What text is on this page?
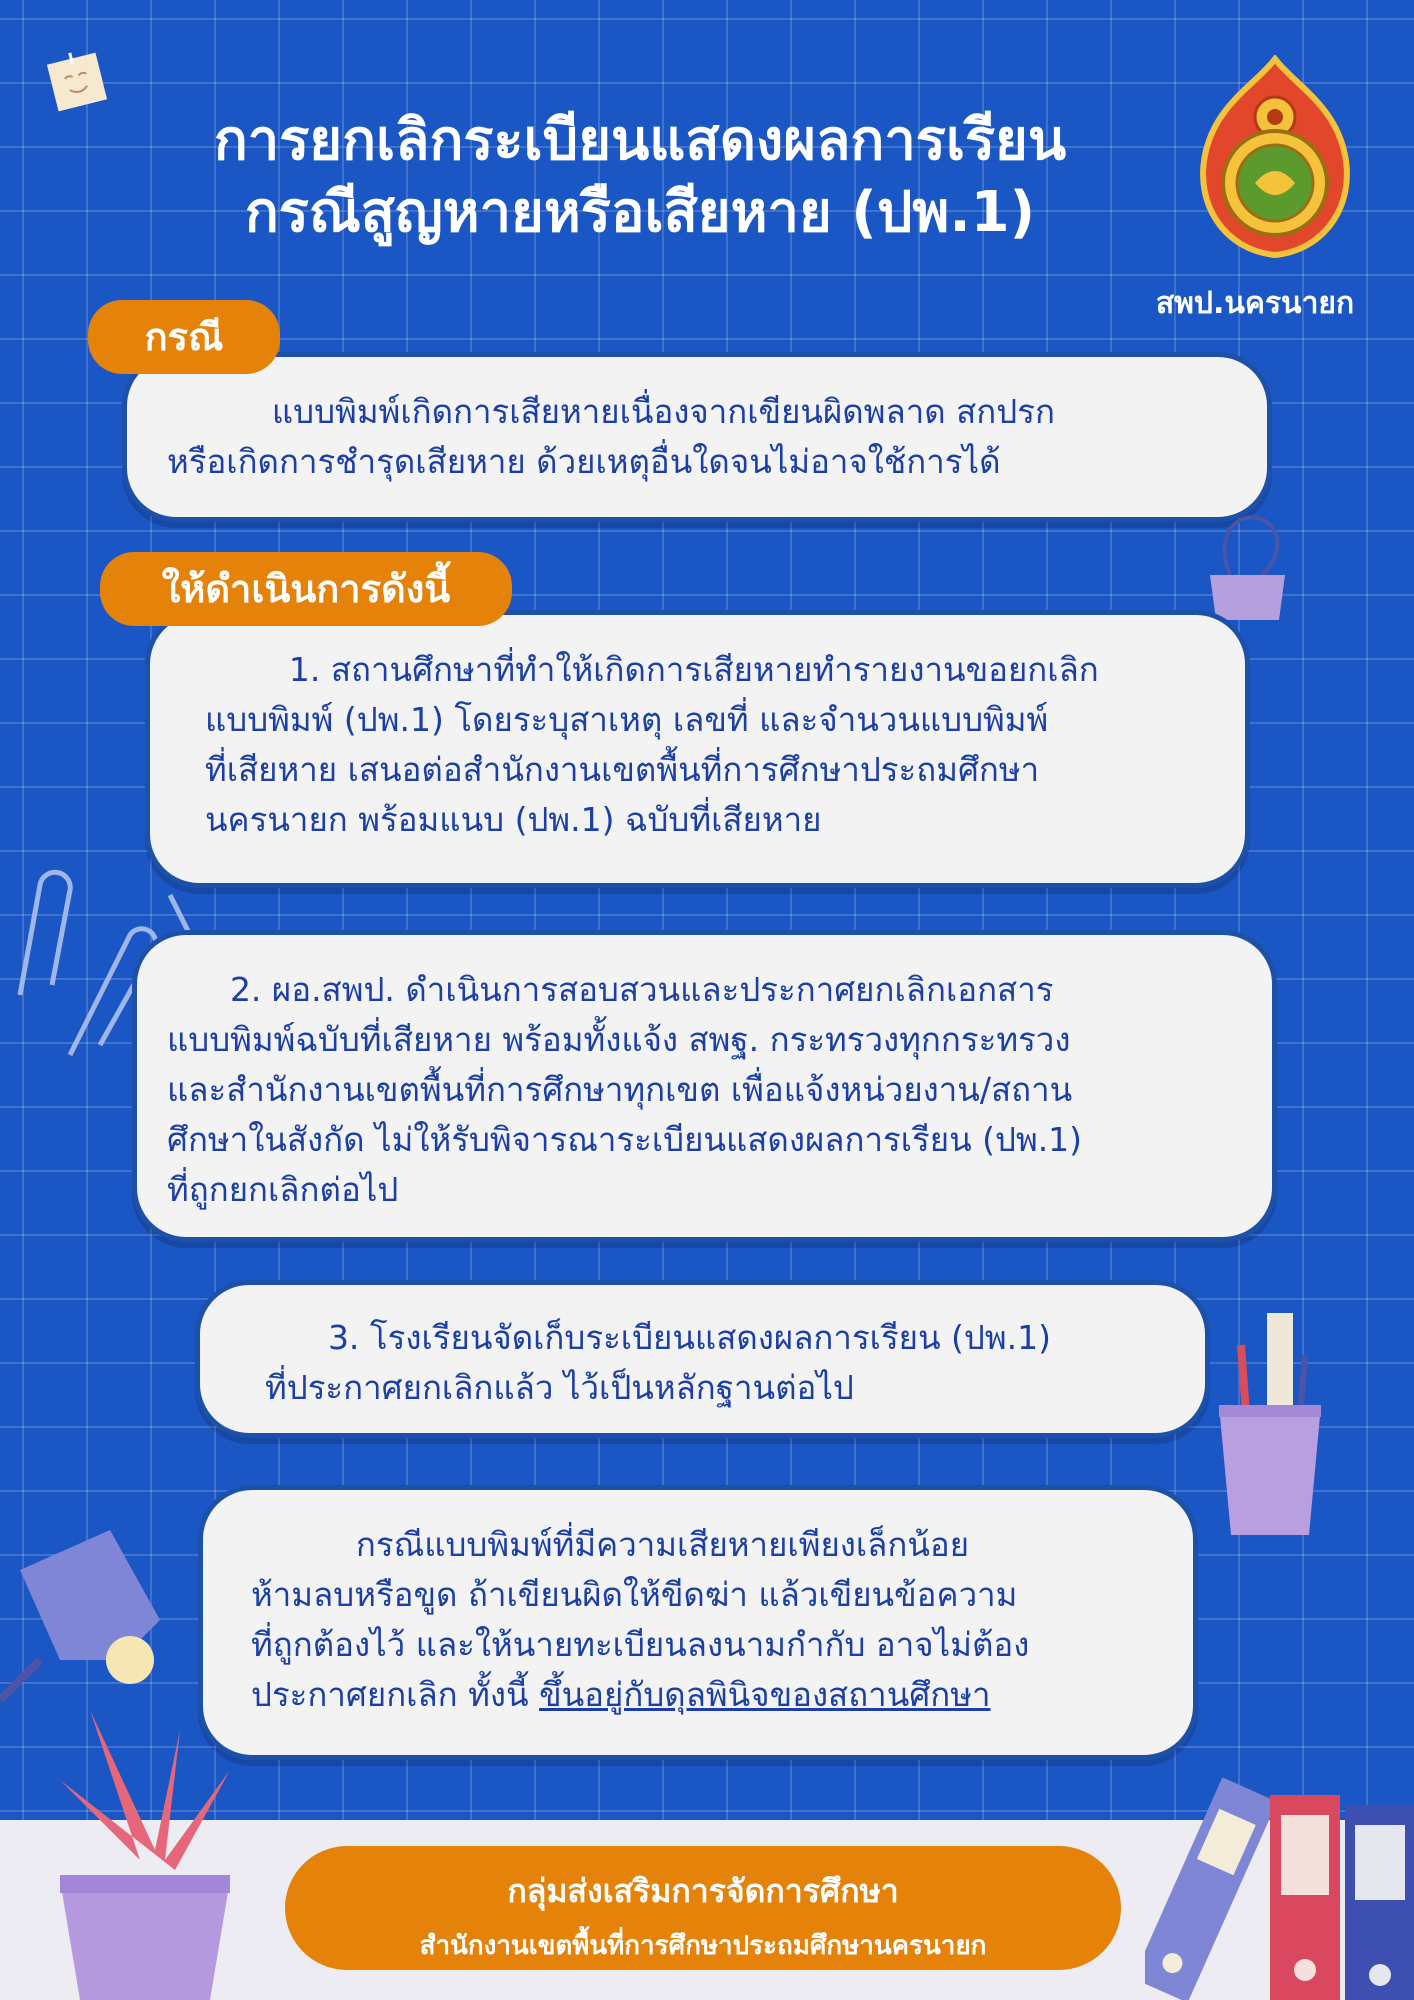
การยกเลิกระเบียนแสดงผลการเรียน
กรณีสูญหายหรือเสียหาย (ปพ.1)
สพป.นครนายก

แบบพิมพ์เกิดการเสียหายเนื่องจากเขียนผิดพลาด สกปรก

หรือเกิดการชำรุดเสียหาย ด้วยเหตุอื่นใดจนไม่อาจใช้การได้

กรณี

1. สถานศึกษาที่ทำให้เกิดการเสียหายทำรายงานขอยกเลิก

แบบพิมพ์ (ปพ.1) โดยระบุสาเหตุ เลขที่ และจำนวนแบบพิมพ์

ที่เสียหาย เสนอต่อสำนักงานเขตพื้นที่การศึกษาประถมศึกษา

นครนายก พร้อมแนบ (ปพ.1) ฉบับที่เสียหาย

ให้ดำเนินการดังนี้

2. ผอ.สพป. ดำเนินการสอบสวนและประกาศยกเลิกเอกสาร

แบบพิมพ์ฉบับที่เสียหาย พร้อมทั้งแจ้ง สพฐ. กระทรวงทุกกระทรวง

และสำนักงานเขตพื้นที่การศึกษาทุกเขต เพื่อแจ้งหน่วยงาน/สถาน

ศึกษาในสังกัด ไม่ให้รับพิจารณาระเบียนแสดงผลการเรียน (ปพ.1)

ที่ถูกยกเลิกต่อไป

3. โรงเรียนจัดเก็บระเบียนแสดงผลการเรียน (ปพ.1)

ที่ประกาศยกเลิกแล้ว ไว้เป็นหลักฐานต่อไป

กรณีแบบพิมพ์ที่มีความเสียหายเพียงเล็กน้อย

ห้ามลบหรือขูด ถ้าเขียนผิดให้ขีดฆ่า แล้วเขียนข้อความ

ที่ถูกต้องไว้ และให้นายทะเบียนลงนามกำกับ อาจไม่ต้อง

ประกาศยกเลิก ทั้งนี้ ขึ้นอยู่กับดุลพินิจของสถานศึกษา

กลุ่มส่งเสริมการจัดการศึกษา
สำนักงานเขตพื้นที่การศึกษาประถมศึกษานครนายก
